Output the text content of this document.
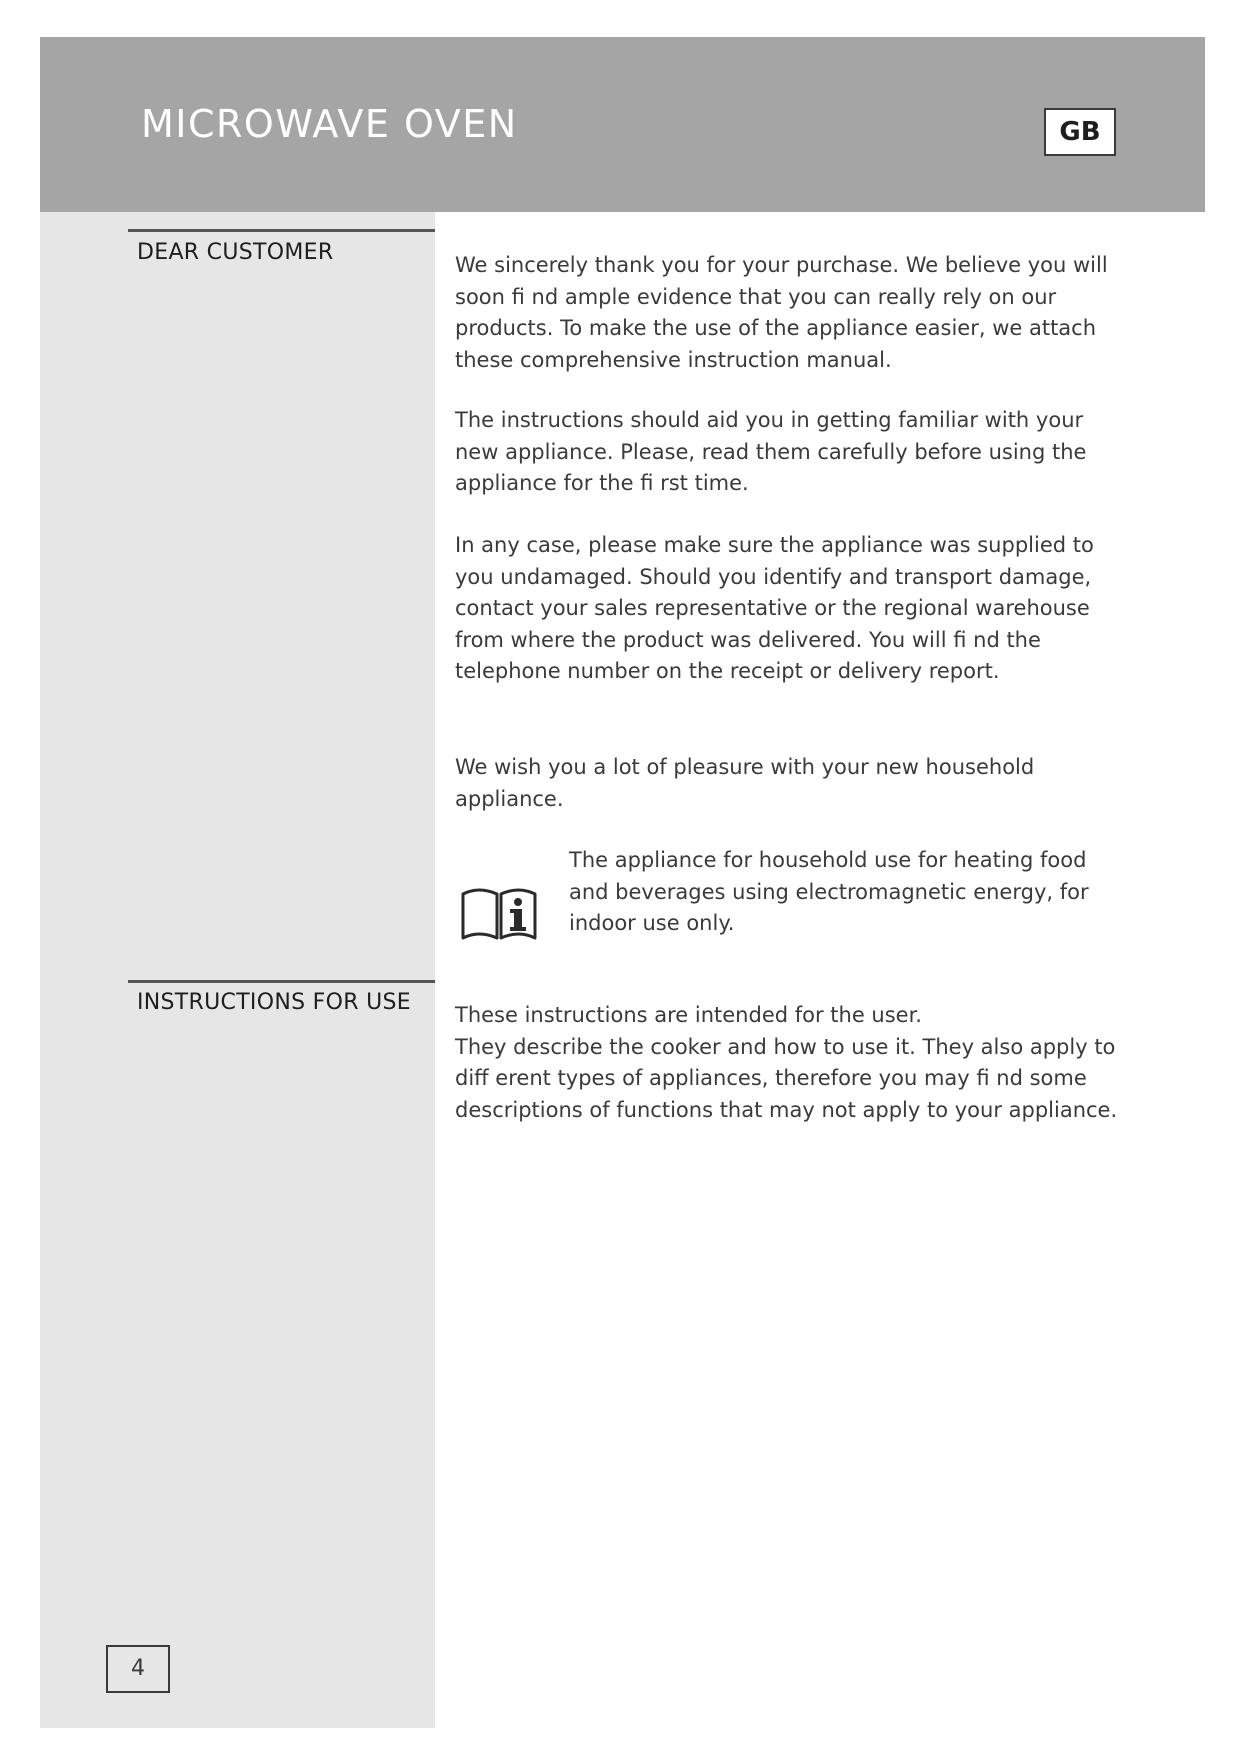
MICROWAVE OVEN	GB
DEAR CUSTOMER	We sincerely thank you for your purchase. We believe you will soon fi nd ample evidence that you can really rely on our products. To make the use of the appliance easier, we attach these comprehensive instruction manual.

The instructions should aid you in getting familiar with your new appliance. Please, read them carefully before using the appliance for the fi rst time.

In any case, please make sure the appliance was supplied to you undamaged. Should you identify and transport damage, contact your sales representative or the regional warehouse from where the product was delivered. You will fi nd the telephone number on the receipt or delivery report.

We wish you a lot of pleasure with your new household appliance.

The appliance for household use for heating food and beverages using electromagnetic energy, for indoor use only.

INSTRUCTIONS FOR USE	These instructions are intended for the user.
They describe the cooker and how to use it. They also apply to diff erent types of appliances, therefore you may fi nd some descriptions of functions that may not apply to your appliance.

4
